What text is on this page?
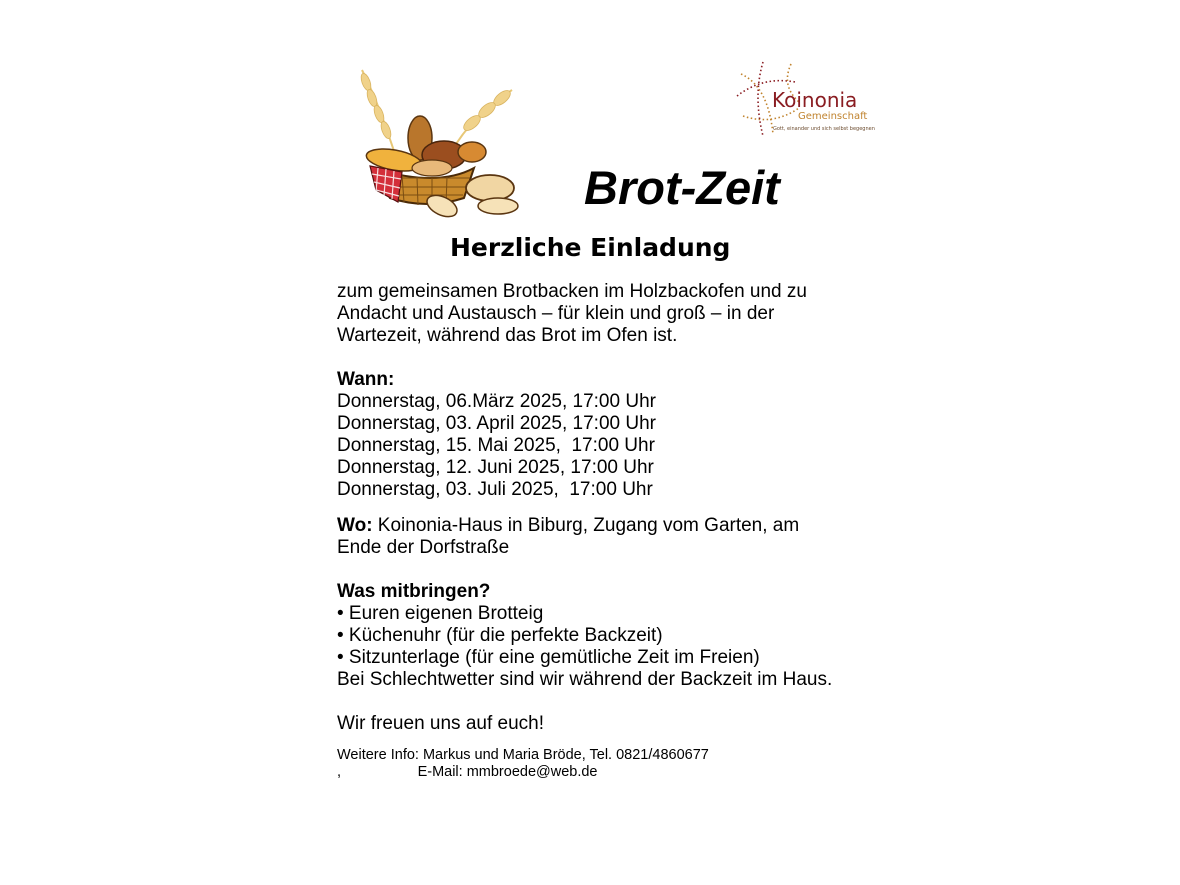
Koinonia
Gemeinschaft
Gott, einander und sich selbst begegnen
Brot-Zeit
Herzliche Einladung
zum gemeinsamen Brotbacken im Holzbackofen und zu
Andacht und Austausch – für klein und groß – in der
Wartezeit, während das Brot im Ofen ist.
Wann:
Donnerstag, 06.März 2025, 17:00 Uhr
Donnerstag, 03. April 2025, 17:00 Uhr
Donnerstag, 15. Mai 2025,  17:00 Uhr
Donnerstag, 12. Juni 2025, 17:00 Uhr
Donnerstag, 03. Juli 2025,  17:00 Uhr
Wo: Koinonia-Haus in Biburg, Zugang vom Garten, am
Ende der Dorfstraße
Was mitbringen?
• Euren eigenen Brotteig
• Küchenuhr (für die perfekte Backzeit)
• Sitzunterlage (für eine gemütliche Zeit im Freien)
Bei Schlechtwetter sind wir während der Backzeit im Haus.
Wir freuen uns auf euch!
Weitere Info: Markus und Maria Bröde, Tel. 0821/4860677
,                   E-Mail: mmbroede@web.de
